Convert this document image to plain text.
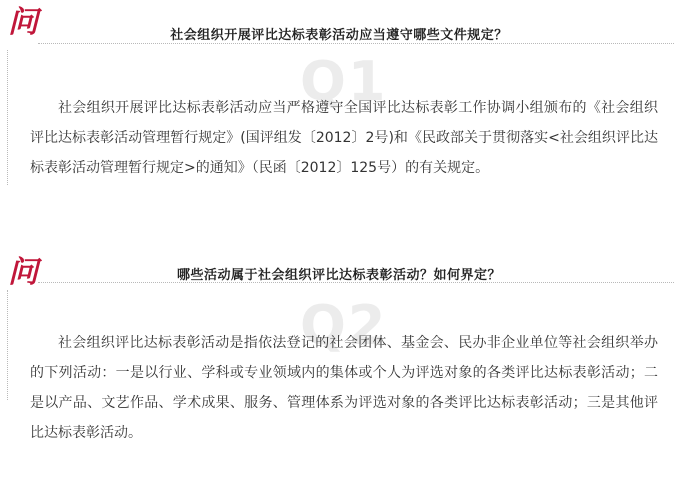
问	社会组织开展评比达标表彰活动应当遵守哪些文件规定？
Q1

社会组织开展评比达标表彰活动应当严格遵守全国评比达标表彰工作协调小组颁布的《社会组织评比达标表彰活动管理暂行规定》(国评组发〔2012〕2号)和《民政部关于贯彻落实<社会组织评比达标表彰活动管理暂行规定>的通知》（民函〔2012〕125号）的有关规定。

问	哪些活动属于社会组织评比达标表彰活动？如何界定？
Q2

社会组织评比达标表彰活动是指依法登记的社会团体、基金会、民办非企业单位等社会组织举办的下列活动：一是以行业、学科或专业领域内的集体或个人为评选对象的各类评比达标表彰活动；二是以产品、文艺作品、学术成果、服务、管理体系为评选对象的各类评比达标表彰活动；三是其他评比达标表彰活动。
